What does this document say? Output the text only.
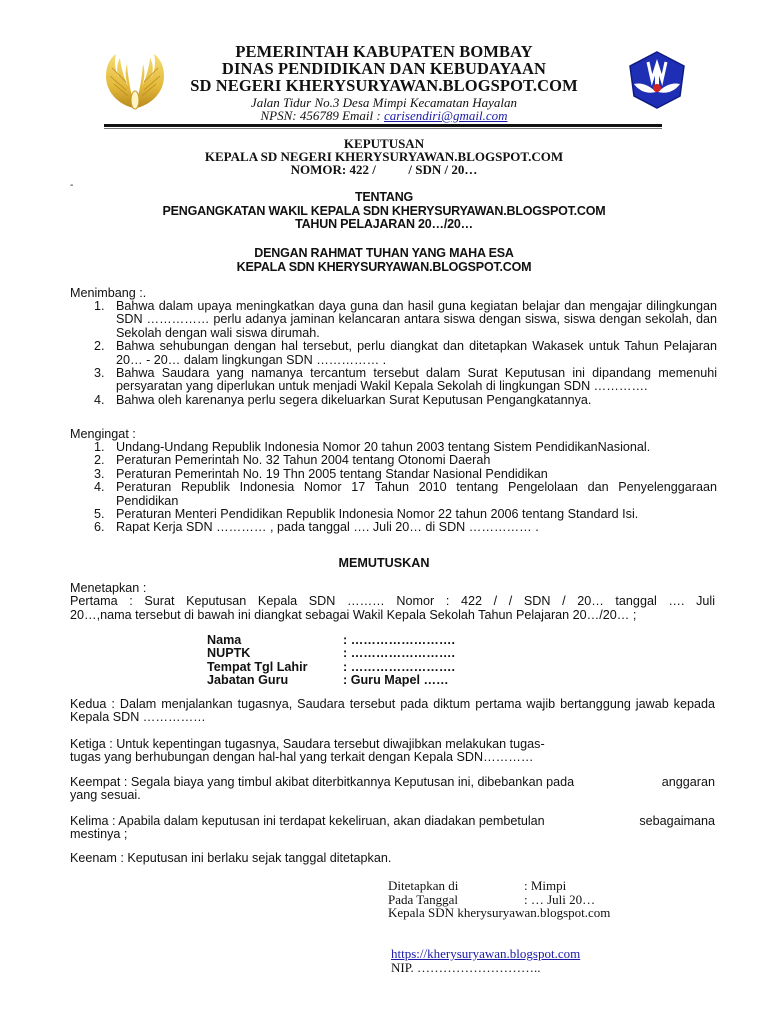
PEMERINTAH KABUPATEN BOMBAY
DINAS PENDIDIKAN DAN KEBUDAYAAN
SD NEGERI KHERYSURYAWAN.BLOGSPOT.COM
Jalan Tidur No.3 Desa Mimpi Kecamatan Hayalan
NPSN: 456789 Email : carisendiri@gmail.com
KEPUTUSAN
KEPALA SD NEGERI KHERYSURYAWAN.BLOGSPOT.COM
NOMOR: 422 /          / SDN / 20…
-
TENTANG
PENGANGKATAN WAKIL KEPALA SDN KHERYSURYAWAN.BLOGSPOT.COM
TAHUN PELAJARAN 20…/20…
DENGAN RAHMAT TUHAN YANG MAHA ESA
KEPALA SDN KHERYSURYAWAN.BLOGSPOT.COM
Menimbang :.
1. Bahwa dalam upaya meningkatkan daya guna dan hasil guna kegiatan belajar dan mengajar dilingkungan SDN …………… perlu adanya jaminan kelancaran antara siswa dengan siswa, siswa dengan sekolah, dan Sekolah dengan wali siswa dirumah.
2. Bahwa sehubungan dengan hal tersebut, perlu diangkat dan ditetapkan Wakasek untuk Tahun Pelajaran 20… - 20… dalam lingkungan SDN …………… .
3. Bahwa Saudara yang namanya tercantum tersebut dalam Surat Keputusan ini dipandang memenuhi persyaratan yang diperlukan untuk menjadi Wakil Kepala Sekolah di lingkungan SDN ………….
4. Bahwa oleh karenanya perlu segera dikeluarkan Surat Keputusan Pengangkatannya.
Mengingat :
1. Undang-Undang Republik Indonesia Nomor 20 tahun 2003 tentang Sistem PendidikanNasional.
2. Peraturan Pemerintah No. 32 Tahun 2004 tentang Otonomi Daerah
3. Peraturan Pemerintah No. 19 Thn 2005 tentang Standar Nasional Pendidikan
4. Peraturan Republik Indonesia Nomor 17 Tahun 2010 tentang Pengelolaan dan Penyelenggaraan Pendidikan
5. Peraturan Menteri Pendidikan Republik Indonesia Nomor 22 tahun 2006 tentang Standard Isi.
6. Rapat Kerja SDN ………… , pada tanggal …. Juli 20… di SDN …………… .
MEMUTUSKAN
Menetapkan :
Pertama : Surat Keputusan Kepala SDN ……… Nomor : 422 / / SDN / 20… tanggal …. Juli
20…,nama tersebut di bawah ini diangkat sebagai Wakil Kepala Sekolah Tahun Pelajaran 20…/20… ;
Nama	: …………………….
NUPTK	: …………………….
Tempat Tgl Lahir	: …………………….
Jabatan Guru	: Guru Mapel ……
Kedua : Dalam menjalankan tugasnya, Saudara tersebut pada diktum pertama wajib bertanggung jawab kepada Kepala SDN ……………
Ketiga : Untuk kepentingan tugasnya, Saudara tersebut diwajibkan melakukan tugas-
tugas yang berhubungan dengan hal-hal yang terkait dengan Kepala SDN…………
Keempat : Segala biaya yang timbul akibat diterbitkannya Keputusan ini, dibebankan pada	anggaran
yang sesuai.
Kelima : Apabila dalam keputusan ini terdapat kekeliruan, akan diadakan pembetulan	sebagaimana
mestinya ;
Keenam : Keputusan ini berlaku sejak tanggal ditetapkan.
Ditetapkan di	: Mimpi
Pada Tanggal	: … Juli 20…
Kepala SDN kherysuryawan.blogspot.com
https://kherysuryawan.blogspot.com
NIP. ………………………..
